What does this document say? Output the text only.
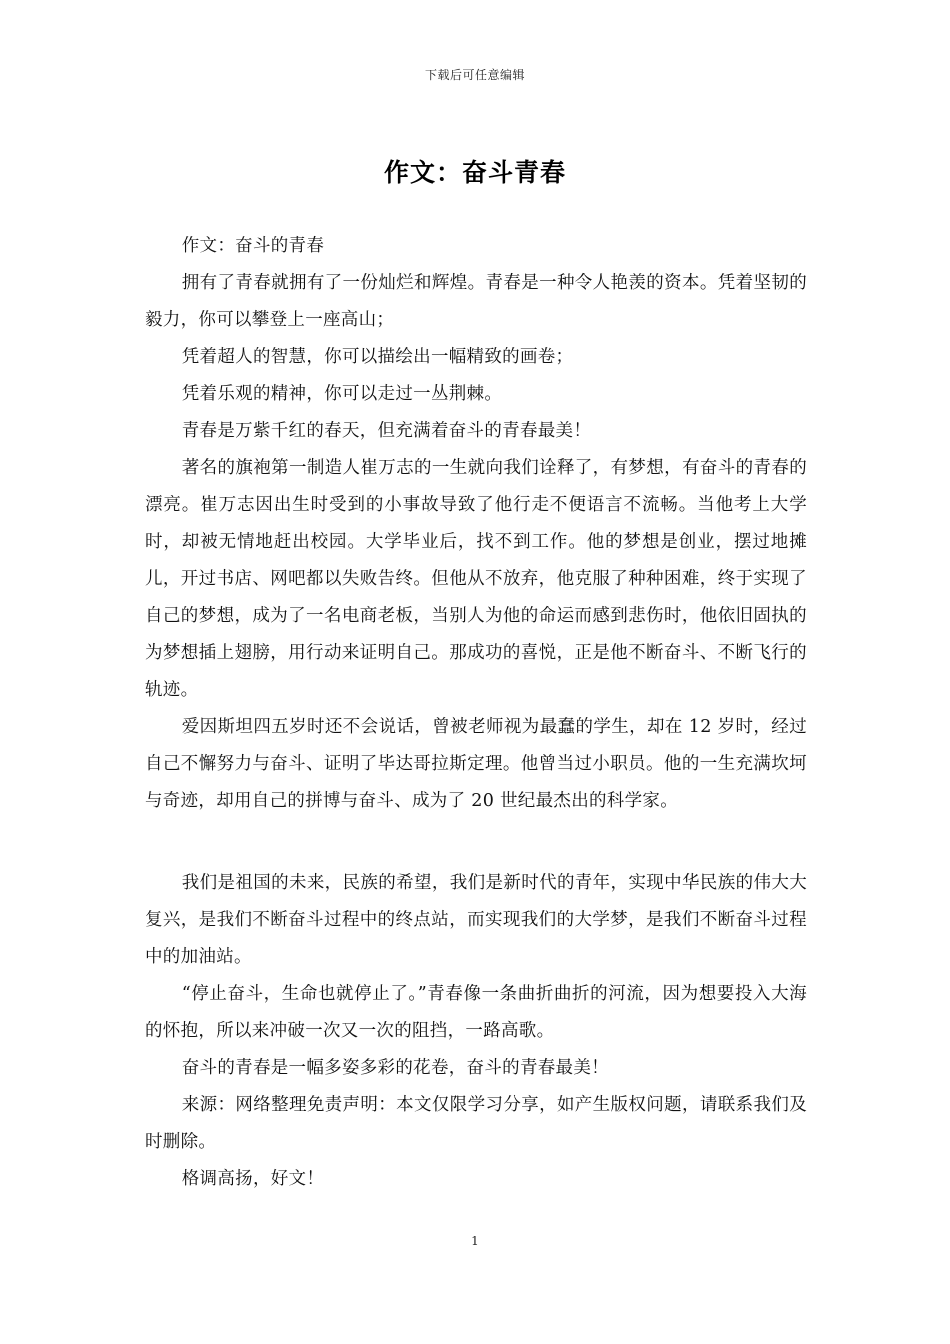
下载后可任意编辑
作文：奋斗青春

作文：奋斗的青春

拥有了青春就拥有了一份灿烂和辉煌。青春是一种令人艳羡的资本。凭着坚韧的毅力，你可以攀登上一座高山；

凭着超人的智慧，你可以描绘出一幅精致的画卷；

凭着乐观的精神，你可以走过一丛荆棘。

青春是万紫千红的春天，但充满着奋斗的青春最美！

著名的旗袍第一制造人崔万志的一生就向我们诠释了，有梦想，有奋斗的青春的漂亮。崔万志因出生时受到的小事故导致了他行走不便语言不流畅。当他考上大学时，却被无情地赶出校园。大学毕业后，找不到工作。他的梦想是创业，摆过地摊儿，开过书店、网吧都以失败告终。但他从不放弃，他克服了种种困难，终于实现了自己的梦想，成为了一名电商老板，当别人为他的命运而感到悲伤时，他依旧固执的为梦想插上翅膀，用行动来证明自己。那成功的喜悦，正是他不断奋斗、不断飞行的轨迹。

爱因斯坦四五岁时还不会说话，曾被老师视为最蠢的学生，却在 12 岁时，经过自己不懈努力与奋斗、证明了毕达哥拉斯定理。他曾当过小职员。他的一生充满坎坷与奇迹，却用自己的拼博与奋斗、成为了 20 世纪最杰出的科学家。

我们是祖国的未来，民族的希望，我们是新时代的青年，实现中华民族的伟大大复兴，是我们不断奋斗过程中的终点站，而实现我们的大学梦，是我们不断奋斗过程中的加油站。

“停止奋斗，生命也就停止了。”青春像一条曲折曲折的河流，因为想要投入大海的怀抱，所以来冲破一次又一次的阻挡，一路高歌。

奋斗的青春是一幅多姿多彩的花卷，奋斗的青春最美！

来源：网络整理免责声明：本文仅限学习分享，如产生版权问题，请联系我们及时删除。

格调高扬，好文！

1
